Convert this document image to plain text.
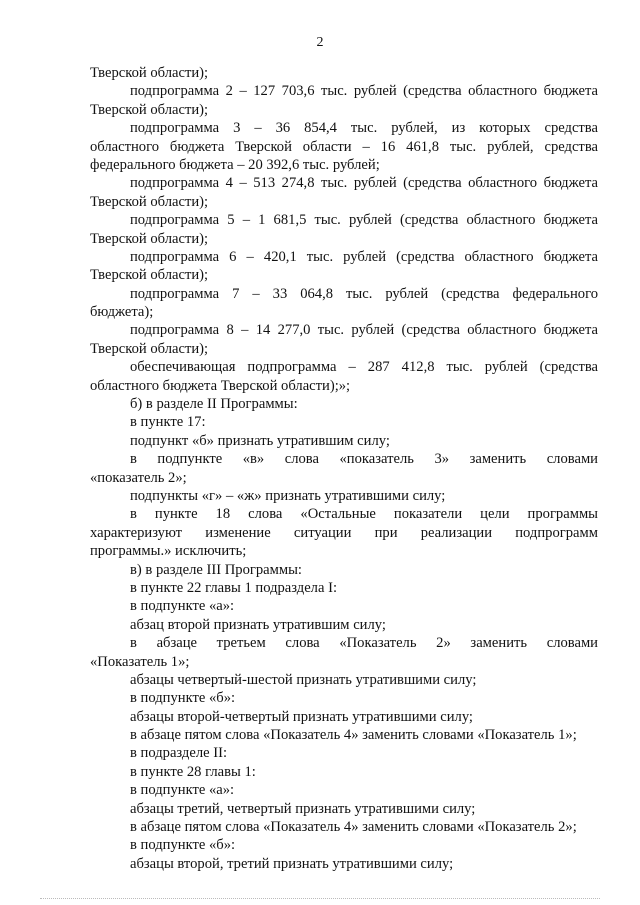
2
Тверской области);
подпрограмма 2 – 127 703,6 тыс. рублей (средства областного бюджета
Тверской области);
подпрограмма 3 – 36 854,4 тыс. рублей, из которых средства
областного бюджета Тверской области – 16 461,8 тыс. рублей, средства
федерального бюджета – 20 392,6 тыс. рублей;
подпрограмма 4 – 513 274,8 тыс. рублей (средства областного бюджета
Тверской области);
подпрограмма 5 – 1 681,5 тыс. рублей (средства областного бюджета
Тверской области);
подпрограмма 6 – 420,1 тыс. рублей (средства областного бюджета
Тверской области);
подпрограмма 7 – 33 064,8 тыс. рублей (средства федерального
бюджета);
подпрограмма 8 – 14 277,0 тыс. рублей (средства областного бюджета
Тверской области);
обеспечивающая подпрограмма – 287 412,8 тыс. рублей (средства
областного бюджета Тверской области);»;
б) в разделе II Программы:
в пункте 17:
подпункт «б» признать утратившим силу;
в подпункте «в» слова «показатель 3» заменить словами
«показатель 2»;
подпункты «г» – «ж» признать утратившими силу;
в пункте 18 слова «Остальные показатели цели программы
характеризуют изменение ситуации при реализации подпрограмм
программы.» исключить;
в) в разделе III Программы:
в пункте 22 главы 1 подраздела I:
в подпункте «а»:
абзац второй признать утратившим силу;
в абзаце третьем слова «Показатель 2» заменить словами
«Показатель 1»;
абзацы четвертый-шестой признать утратившими силу;
в подпункте «б»:
абзацы второй-четвертый признать утратившими силу;
в абзаце пятом слова «Показатель 4» заменить словами «Показатель 1»;
в подразделе II:
в пункте 28 главы 1:
в подпункте «а»:
абзацы третий, четвертый признать утратившими силу;
в абзаце пятом слова «Показатель 4» заменить словами «Показатель 2»;
в подпункте «б»:
абзацы второй, третий признать утратившими силу;
